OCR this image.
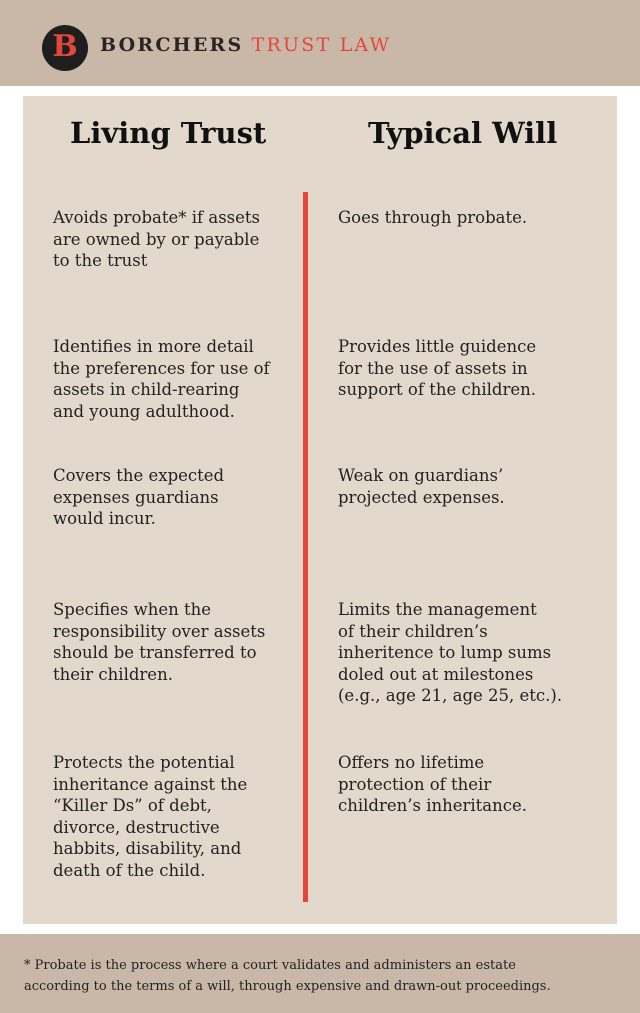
B BORCHERS TRUST LAW
Living Trust	Typical Will
Avoids probate* if assets
are owned by or payable
to the trust
Goes through probate.
Identifies in more detail
the preferences for use of
assets in child-rearing
and young adulthood.
Provides little guidence
for the use of assets in
support of the children.
Covers the expected
expenses guardians
would incur.
Weak on guardians’
projected expenses.
Specifies when the
responsibility over assets
should be transferred to
their children.
Limits the management
of their children’s
inheritence to lump sums
doled out at milestones
(e.g., age 21, age 25, etc.).
Protects the potential
inheritance against the
“Killer Ds” of debt,
divorce, destructive
habbits, disability, and
death of the child.
Offers no lifetime
protection of their
children’s inheritance.
* Probate is the process where a court validates and administers an estate
according to the terms of a will, through expensive and drawn-out proceedings.
